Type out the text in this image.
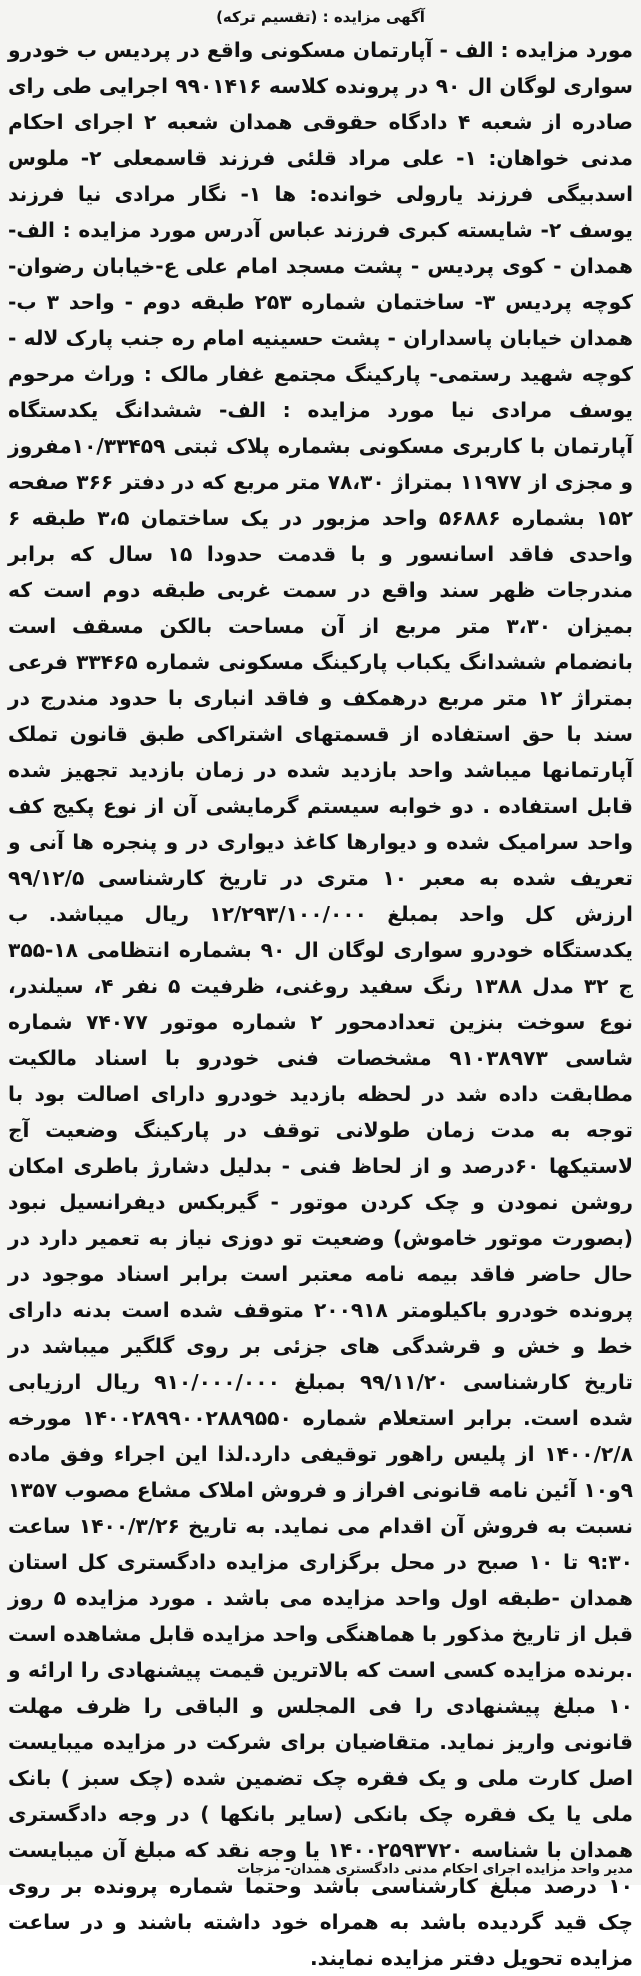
آگهی مزایده : (تقسیم ترکه)

مورد مزایده : الف - آپارتمان مسکونی واقع در پردیس ب خودرو سواری لوگان ال ۹۰ در پرونده کلاسه ۹۹۰۱۴۱۶ اجرایی طی رای صادره از شعبه ۴ دادگاه حقوقی همدان شعبه ۲ اجرای احکام مدنی خواهان: ۱- علی مراد قلئی فرزند قاسمعلی ۲- ملوس اسدبیگی فرزند یارولی خوانده: ها ۱- نگار مرادی نیا فرزند یوسف ۲- شایسته کبری فرزند عباس آدرس مورد مزایده : الف- همدان - کوی پردیس - پشت مسجد امام علی ع-خیابان رضوان- کوچه پردیس ۳- ساختمان شماره ۲۵۳ طبقه دوم - واحد ۳ ب- همدان خیابان پاسداران - پشت حسینیه امام ره جنب پارک لاله - کوچه شهید رستمی- پارکینگ مجتمع غفار مالک : وراث مرحوم یوسف مرادی نیا مورد مزایده : الف- ششدانگ یکدستگاه آپارتمان با کاربری مسکونی بشماره پلاک ثبتی ۱۰/۳۳۴۵۹مفروز و مجزی از ۱۱۹۷۷ بمتراژ ۷۸،۳۰ متر مربع که در دفتر ۳۶۶ صفحه ۱۵۲ بشماره ۵۶۸۸۶ واحد مزبور در یک ساختمان ۳،۵ طبقه ۶ واحدی فاقد اسانسور و با قدمت حدودا ۱۵ سال که برابر مندرجات ظهر سند واقع در سمت غربی طبقه دوم است که بمیزان ۳،۳۰ متر مربع از آن مساحت بالکن مسقف است بانضمام ششدانگ یکباب پارکینگ مسکونی شماره ۳۳۴۶۵ فرعی بمتراژ ۱۲ متر مربع درهمکف و فاقد انباری با حدود مندرج در سند با حق استفاده از قسمتهای اشتراکی طبق قانون تملک آپارتمانها میباشد واحد بازدید شده در زمان بازدید تجهیز شده قابل استفاده . دو خوابه سیستم گرمایشی آن از نوع پکیج کف واحد سرامیک شده و دیوارها کاغذ دیواری در و پنجره ها آنی و تعریف شده به معبر ۱۰ متری در تاریخ کارشناسی ۹۹/۱۲/۵ ارزش کل واحد بمبلغ ۱۲/۲۹۳/۱۰۰/۰۰۰ ریال میباشد. ب یکدستگاه خودرو سواری لوگان ال ۹۰ بشماره انتظامی ۱۸-۳۵۵ ج ۳۲ مدل ۱۳۸۸ رنگ سفید روغنی، ظرفیت ۵ نفر ۴، سیلندر، نوع سوخت بنزین تعدادمحور ۲ شماره موتور ۷۴۰۷۷ شماره شاسی ۹۱۰۳۸۹۷۳ مشخصات فنی خودرو با اسناد مالکیت مطابقت داده شد در لحظه بازدید خودرو دارای اصالت بود با توجه به مدت زمان طولانی توقف در پارکینگ وضعیت آج لاستیکها ۶۰درصد و از لحاظ فنی - بدلیل دشارژ باطری امکان روشن نمودن و چک کردن موتور - گیربکس دیفرانسیل نبود (بصورت موتور خاموش) وضعیت تو دوزی نیاز به تعمیر دارد در حال حاضر فاقد بیمه نامه معتبر است برابر اسناد موجود در پرونده خودرو باکیلومتر ۲۰۰۹۱۸ متوقف شده است بدنه دارای خط و خش و قرشدگی های جزئی بر روی گلگیر میباشد در تاریخ کارشناسی ۹۹/۱۱/۲۰ بمبلغ ۹۱۰/۰۰۰/۰۰۰ ریال ارزیابی شده است. برابر استعلام شماره ۱۴۰۰۲۸۹۹۰۰۲۸۸۹۵۵۰ مورخه ۱۴۰۰/۲/۸ از پلیس راهور توقیفی دارد.لذا این اجراء وفق ماده ۹و۱۰ آئین نامه قانونی افراز و فروش املاک مشاع مصوب ۱۳۵۷ نسبت به فروش آن اقدام می نماید. به تاریخ ۱۴۰۰/۳/۲۶ ساعت ۹:۳۰ تا ۱۰ صبح در محل برگزاری مزایده دادگستری کل استان همدان -طبقه اول واحد مزایده می باشد . مورد مزایده ۵ روز قبل از تاریخ مذکور با هماهنگی واحد مزایده قابل مشاهده است .برنده مزایده کسی است که بالاترین قیمت پیشنهادی را ارائه و ۱۰ مبلغ پیشنهادی را فی المجلس و الباقی را ظرف مهلت قانونی واریز نماید. متقاضیان برای شرکت در مزایده میبایست اصل کارت ملی و یک فقره چک تضمین شده (چک سبز ) بانک ملی یا یک فقره چک بانکی (سایر بانکها ) در وجه دادگستری همدان با شناسه ۱۴۰۰۲۵۹۳۷۲۰ یا وجه نقد که مبلغ آن میبایست ۱۰ درصد مبلغ کارشناسی باشد وحتما شماره پرونده بر روی چک قید گردیده باشد به همراه خود داشته باشند و در ساعت مزایده تحویل دفتر مزایده نمایند.

مدیر واحد مزایده اجرای احکام مدنی دادگستری همدان- مزجات
